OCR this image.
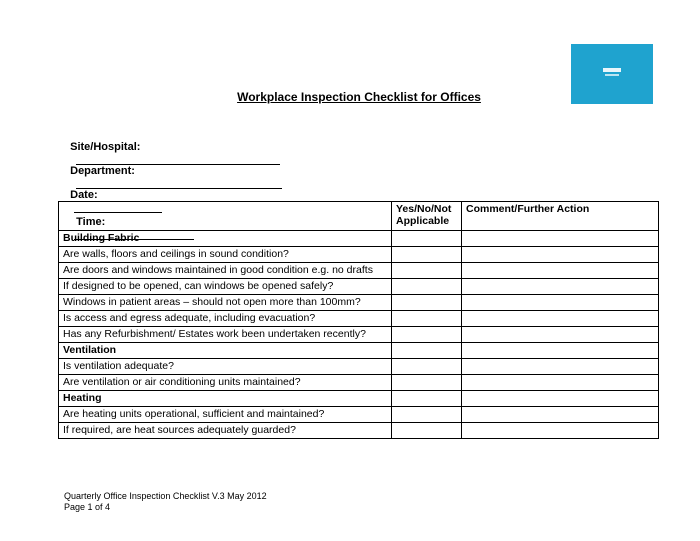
Workplace Inspection Checklist for Offices

Site/Hospital:

Department:

Date:

Time:

	Yes/No/Not Applicable	Comment/Further Action
Building Fabric		
Are walls, floors and ceilings in sound condition?		
Are doors and windows maintained in good condition e.g. no drafts		
If designed to be opened, can windows be opened safely?		
Windows in patient areas – should not open more than 100mm?		
Is access and egress adequate, including evacuation?		
Has any Refurbishment/ Estates work been undertaken recently?		
Ventilation		
Is ventilation adequate?		
Are ventilation or air conditioning units maintained?		
Heating		
Are heating units operational, sufficient and maintained?		
If required, are heat sources adequately guarded?		
Quarterly Office Inspection Checklist V.3 May 2012
Page 1 of 4
